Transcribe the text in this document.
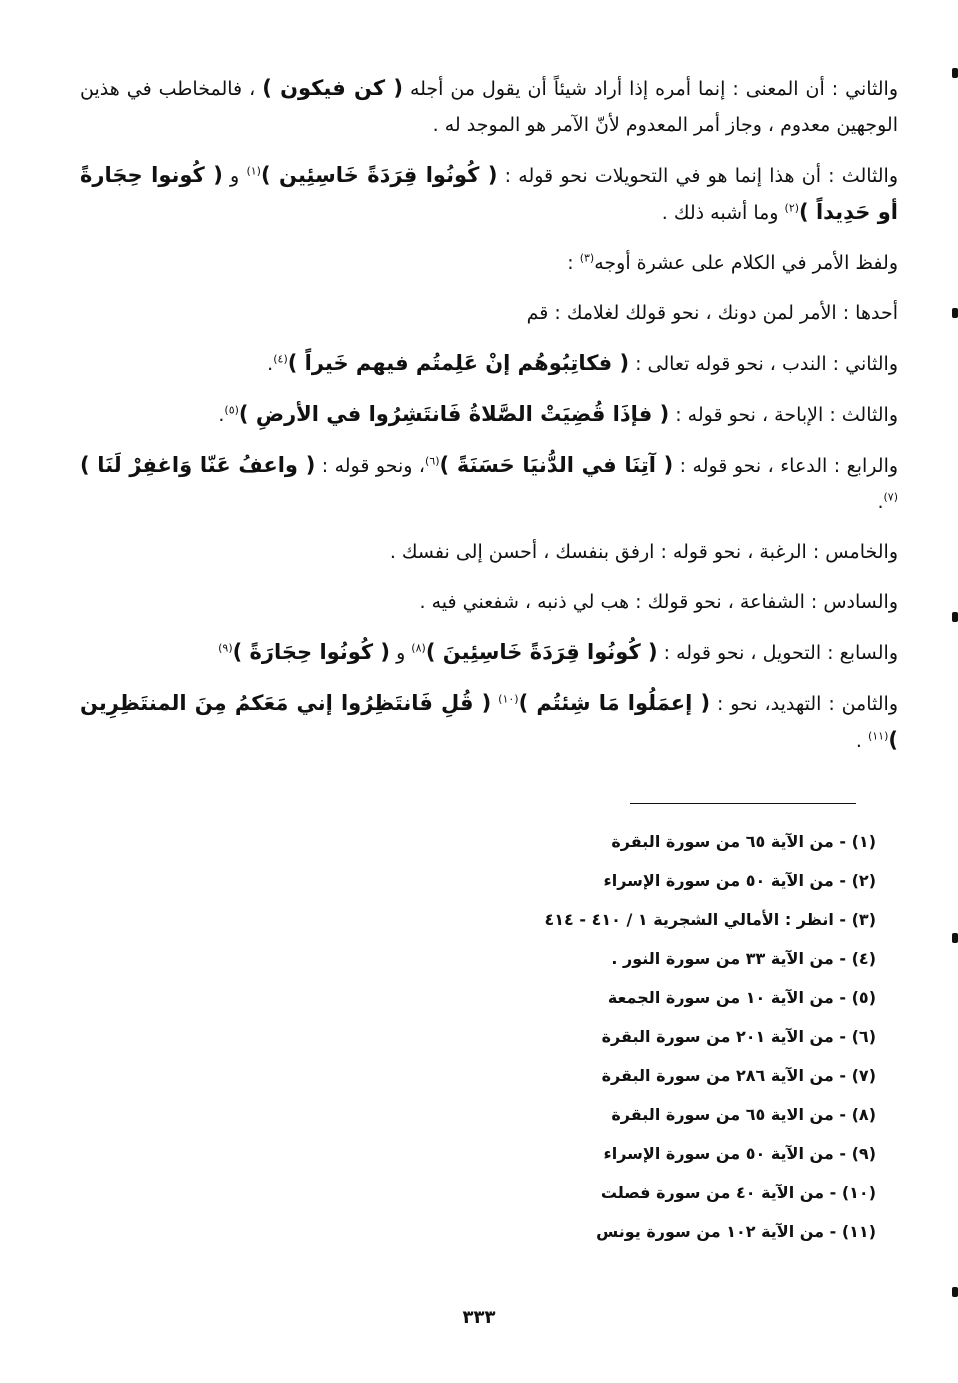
والثاني : أن المعنى : إنما أمره إذا أراد شيئاً أن يقول من أجله ( كن فيكون ) ، فالمخاطب في هذين الوجهين معدوم ، وجاز أمر المعدوم لأنّ الآمر هو الموجد له .

والثالث : أن هذا إنما هو في التحويلات نحو قوله : ( كُونُوا قِرَدَةً خَاسِئِين )$^{(١)}$ و ( كُونوا حِجَارةً أو حَدِيداً )$^{(٢)}$ وما أشبه ذلك .

ولفظ الأمر في الكلام على عشرة أوجه$^{(٣)}$ :

أحدها : الأمر لمن دونك ، نحو قولك لغلامك : قم

والثاني : الندب ، نحو قوله تعالى : ( فكاتِبُوهُم إنْ عَلِمتُم فيهم خَيراً )$^{(٤)}$.

والثالث : الإباحة ، نحو قوله : ( فإذَا قُضِيَتْ الصَّلاةُ فَانتَشِرُوا في الأرضِ )$^{(٥)}$.

والرابع : الدعاء ، نحو قوله : ( آتِنَا في الدُّنيَا حَسَنَةً )$^{(٦)}$، ونحو قوله : ( واعفُ عَنّا وَاغفِرْ لَنَا )$^{(٧)}$.

والخامس : الرغبة ، نحو قوله : ارفق بنفسك ، أحسن إلى نفسك .

والسادس : الشفاعة ، نحو قولك : هب لي ذنبه ، شفعني فيه .

والسابع : التحويل ، نحو قوله : ( كُونُوا قِرَدَةً خَاسِئِينَ )$^{(٨)}$ و ( كُونُوا حِجَارَةً )$^{(٩)}$

والثامن : التهديد، نحو : ( إعمَلُوا مَا شِئتُم )$^{(١٠)}$ ( قُلِ فَانتَظِرُوا إني مَعَكمُ مِنَ المنتَظِرِين )$^{(١١)}$ .

(١) - من الآية ٦٥ من سورة البقرة
(٢) - من الآية ٥٠ من سورة الإسراء
(٣) - انظر : الأمالي الشجرية ١ / ٤١٠ - ٤١٤
(٤) - من الآية ٣٣ من سورة النور .
(٥) - من الآية ١٠ من سورة الجمعة
(٦) - من الآية ٢٠١ من سورة البقرة
(٧) - من الآية ٢٨٦ من سورة البقرة
(٨) - من الاية ٦٥ من سورة البقرة
(٩) - من الآية ٥٠ من سورة الإسراء
(١٠) - من الآية ٤٠ من سورة فصلت
(١١) - من الآية ١٠٢ من سورة يونس
٣٣٣
